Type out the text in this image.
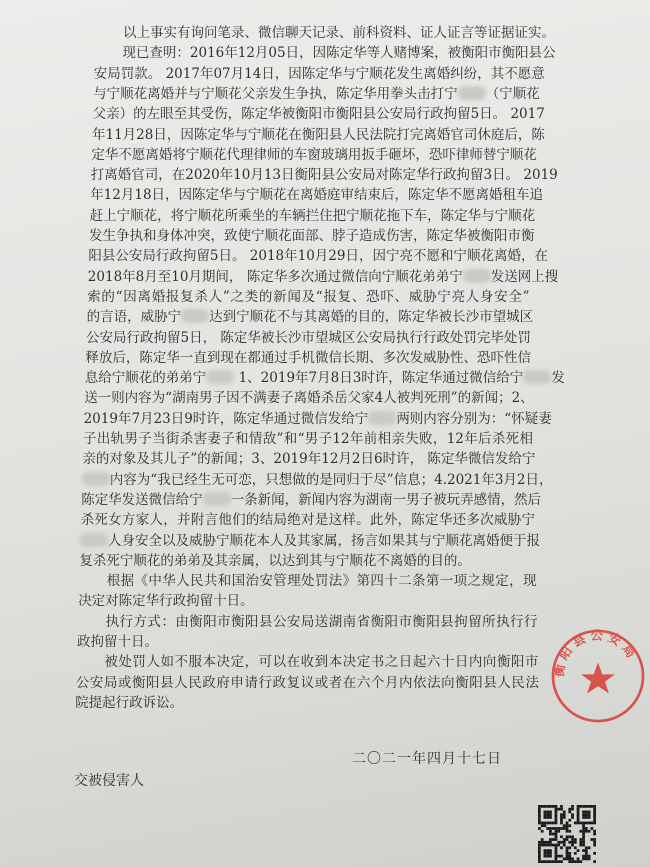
以上事实有询问笔录、微信聊天记录、前科资料、证人证言等证据证实。
现已查明：2016年12月05日，因陈定华等人赌博案，被衡阳市衡阳县公
安局罚款。 2017年07月14日，因陈定华与宁顺花发生离婚纠纷，其不愿意
与宁顺花离婚并与宁顺花父亲发生争执，陈定华用拳头击打宁 （宁顺花
父亲）的左眼至其受伤，陈定华被衡阳市衡阳县公安局行政拘留5日。 2017
年11月28日，因陈定华与宁顺花在衡阳县人民法院打完离婚官司休庭后，陈
定华不愿离婚将宁顺花代理律师的车窗玻璃用扳手砸坏，恐吓律师替宁顺花
打离婚官司，在2020年10月13日衡阳县公安局对陈定华行政拘留3日。 2019
年12月18日，因陈定华与宁顺花在离婚庭审结束后，陈定华不愿离婚租车追
赶上宁顺花，将宁顺花所乘坐的车辆拦住把宁顺花拖下车，陈定华与宁顺花
发生争执和身体冲突，致使宁顺花面部、脖子造成伤害，陈定华被衡阳市衡
阳县公安局行政拘留5日。 2018年10月29日，因宁亮不愿和宁顺花离婚，在
2018年8月至10月期间， 陈定华多次通过微信向宁顺花弟弟宁 发送网上搜
索的“因离婚报复杀人”之类的新闻及“报复、恐吓、威胁宁亮人身安全”
的言语，威胁宁 达到宁顺花不与其离婚的目的，陈定华被长沙市望城区
公安局行政拘留5日， 陈定华被长沙市望城区公安局执行行政处罚完毕处罚
释放后，陈定华一直到现在都通过手机微信长期、多次发威胁性、恐吓性信
息给宁顺花的弟弟宁 1、2019年7月8日3时许，陈定华通过微信给宁 发
送一则内容为“湖南男子因不满妻子离婚杀岳父家4人被判死刑”的新闻；2、
2019年7月23日9时许，陈定华通过微信发给宁 两则内容分别为：“怀疑妻
子出轨男子当街杀害妻子和情敌”和“男子12年前相亲失败，12年后杀死相
亲的对象及其儿子”的新闻；3、2019年12月2日6时许， 陈定华微信发给宁
内容为“我已经生无可恋，只想做的是同归于尽”信息；4.2021年3月2日，
陈定华发送微信给宁 一条新闻，新闻内容为湖南一男子被玩弄感情，然后
杀死女方家人，并附言他们的结局绝对是这样。此外，陈定华还多次威胁宁
人身安全以及威胁宁顺花本人及其家属，扬言如果其与宁顺花离婚便于报
复杀死宁顺花的弟弟及其亲属，以达到其与宁顺花不离婚的目的。
根据《中华人民共和国治安管理处罚法》第四十二条第一项之规定，现
决定对陈定华行政拘留十日。
执行方式：由衡阳市衡阳县公安局送湖南省衡阳市衡阳县拘留所执行行
政拘留十日。
被处罚人如不服本决定，可以在收到本决定书之日起六十日内向衡阳市
公安局或衡阳县人民政府申请行政复议或者在六个月内依法向衡阳县人民法
院提起行政诉讼。
二〇二一年四月十七日
交被侵害人
衡阳县公安局
